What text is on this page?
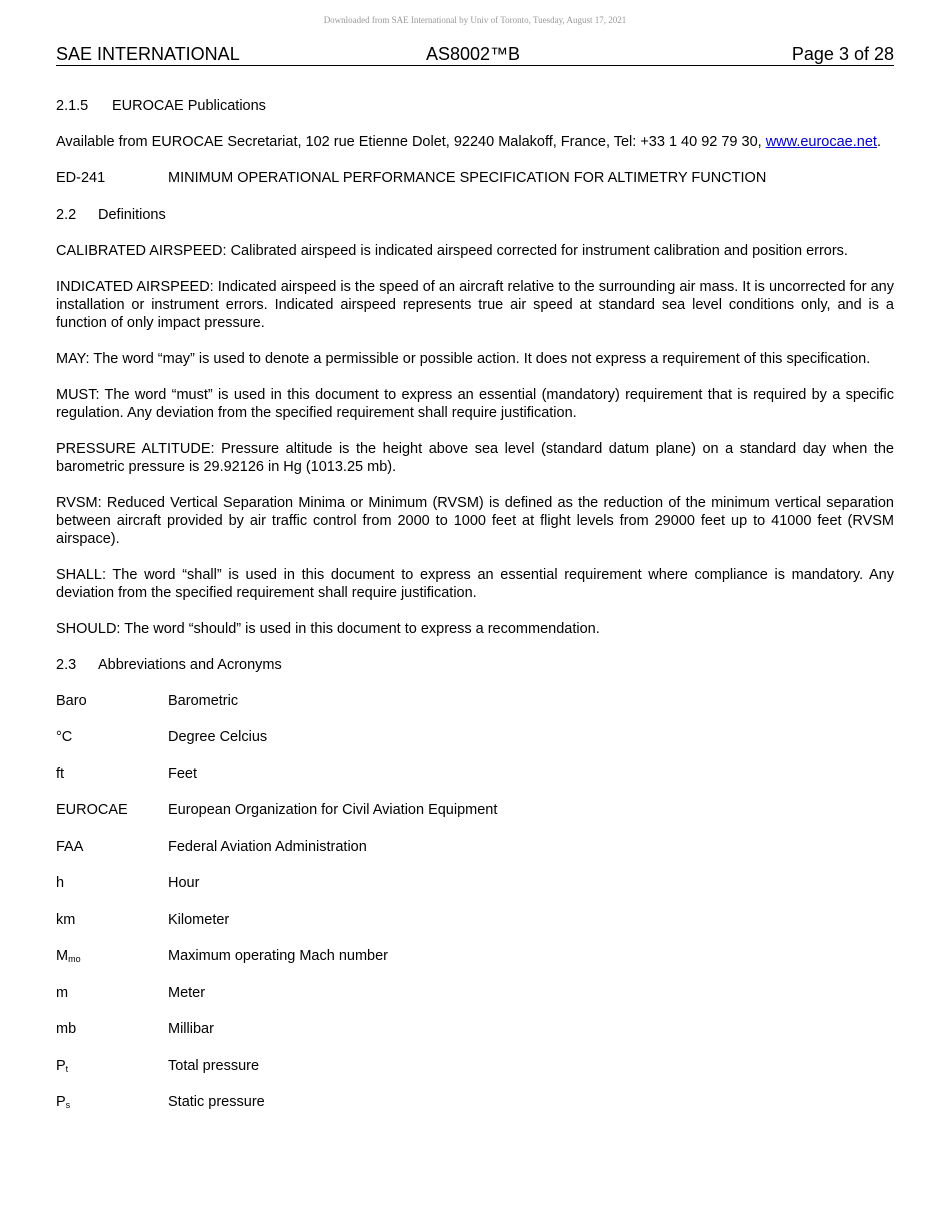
Downloaded from SAE International by Univ of Toronto, Tuesday, August 17, 2021
SAE INTERNATIONAL	AS8002™B	Page 3 of 28
2.1.5 EUROCAE Publications
Available from EUROCAE Secretariat, 102 rue Etienne Dolet, 92240 Malakoff, France, Tel: +33 1 40 92 79 30, www.eurocae.net.
ED-241	MINIMUM OPERATIONAL PERFORMANCE SPECIFICATION FOR ALTIMETRY FUNCTION
2.2 Definitions

CALIBRATED AIRSPEED: Calibrated airspeed is indicated airspeed corrected for instrument calibration and position errors.

INDICATED AIRSPEED: Indicated airspeed is the speed of an aircraft relative to the surrounding air mass. It is uncorrected for any installation or instrument errors. Indicated airspeed represents true air speed at standard sea level conditions only, and is a function of only impact pressure.

MAY: The word “may” is used to denote a permissible or possible action. It does not express a requirement of this specification.

MUST: The word “must” is used in this document to express an essential (mandatory) requirement that is required by a specific regulation. Any deviation from the specified requirement shall require justification.

PRESSURE ALTITUDE: Pressure altitude is the height above sea level (standard datum plane) on a standard day when the barometric pressure is 29.92126 in Hg (1013.25 mb).

RVSM: Reduced Vertical Separation Minima or Minimum (RVSM) is defined as the reduction of the minimum vertical separation between aircraft provided by air traffic control from 2000 to 1000 feet at flight levels from 29000 feet up to 41000 feet (RVSM airspace).

SHALL: The word “shall” is used in this document to express an essential requirement where compliance is mandatory. Any deviation from the specified requirement shall require justification.

SHOULD: The word “should” is used in this document to express a recommendation.

2.3 Abbreviations and Acronyms
Baro	Barometric
°C	Degree Celcius
ft	Feet
EUROCAE	European Organization for Civil Aviation Equipment
FAA	Federal Aviation Administration
h	Hour
km	Kilometer
$M_{mo}$	Maximum operating Mach number
m	Meter
mb	Millibar
$P_t$	Total pressure
$P_s$	Static pressure
